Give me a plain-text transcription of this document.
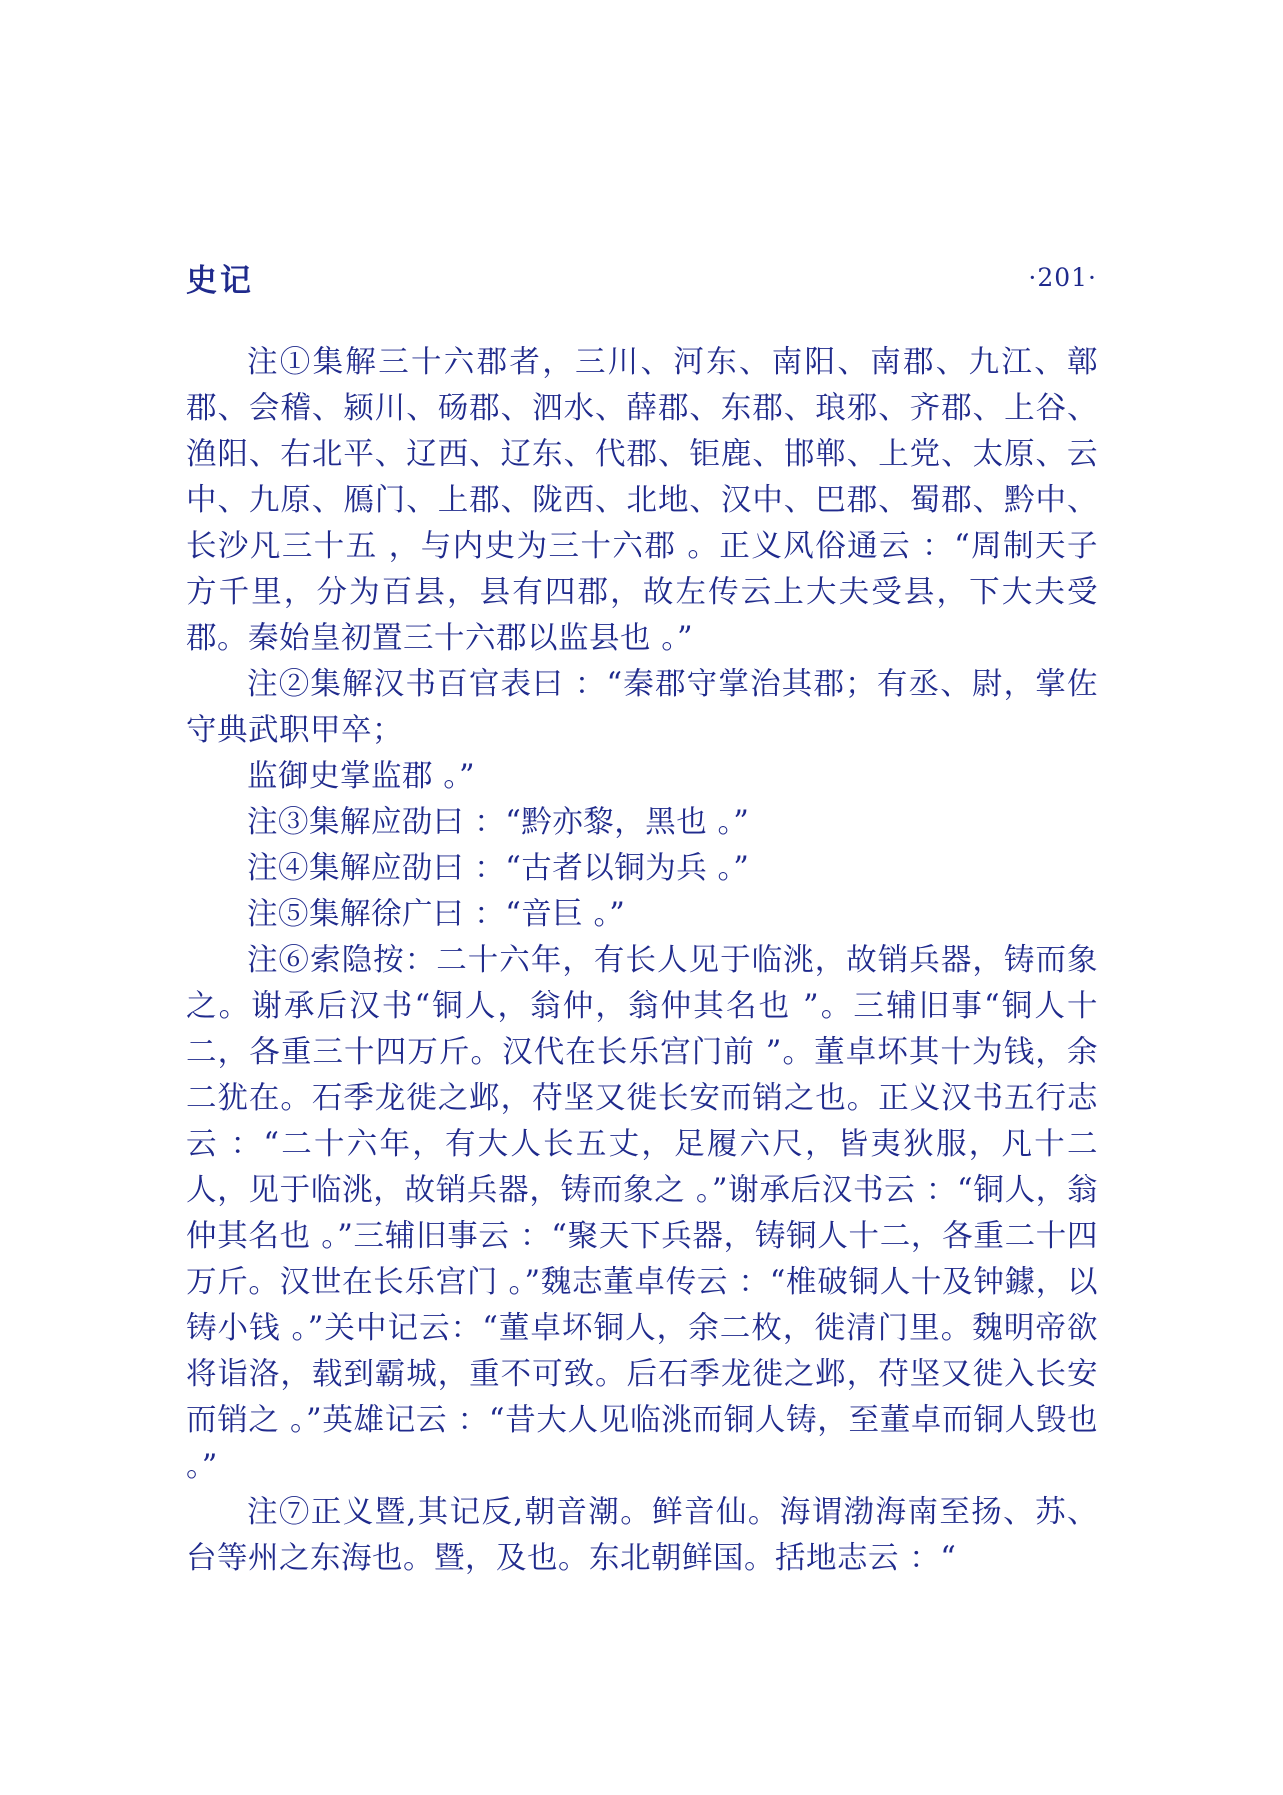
史记	·201·

注①集解三十六郡者，三川、河东、南阳、南郡、九江、鄣郡、会稽、颍川、砀郡、泗水、薛郡、东郡、琅邪、齐郡、上谷、渔阳、右北平、辽西、辽东、代郡、钜鹿、邯郸、上党、太原、云中、九原、鴈门、上郡、陇西、北地、汉中、巴郡、蜀郡、黔中、长沙凡三十五 ，与内史为三十六郡 。正义风俗通云 ：“周制天子方千里，分为百县，县有四郡，故左传云上大夫受县，下大夫受郡。秦始皇初置三十六郡以监县也 。”

注②集解汉书百官表曰 ：“秦郡守掌治其郡；有丞、尉，掌佐守典武职甲卒；

监御史掌监郡 。”

注③集解应劭曰 ：“黔亦黎，黑也 。”

注④集解应劭曰 ：“古者以铜为兵 。”

注⑤集解徐广曰 ：“音巨 。”

注⑥索隐按：二十六年，有长人见于临洮，故销兵器，铸而象之。谢承后汉书“铜人，翁仲，翁仲其名也 ”。三辅旧事“铜人十二，各重三十四万斤。汉代在长乐宫门前 ”。董卓坏其十为钱，余二犹在。石季龙徙之邺，苻坚又徙长安而销之也。正义汉书五行志云 ：“二十六年，有大人长五丈，足履六尺，皆夷狄服，凡十二人，见于临洮，故销兵器，铸而象之 。”谢承后汉书云 ：“铜人，翁仲其名也 。”三辅旧事云 ：“聚天下兵器，铸铜人十二，各重二十四万斤。汉世在长乐宫门 。”魏志董卓传云 ：“椎破铜人十及钟鐻，以铸小钱 。”关中记云：“董卓坏铜人，余二枚，徙清门里。魏明帝欲将诣洛，载到霸城，重不可致。后石季龙徙之邺，苻坚又徙入长安而销之 。”英雄记云 ：“昔大人见临洮而铜人铸，至董卓而铜人毁也 。”

注⑦正义暨,其记反,朝音潮。鲜音仙。海谓渤海南至扬、苏、台等州之东海也。暨，及也。东北朝鲜国。括地志云 ：“
